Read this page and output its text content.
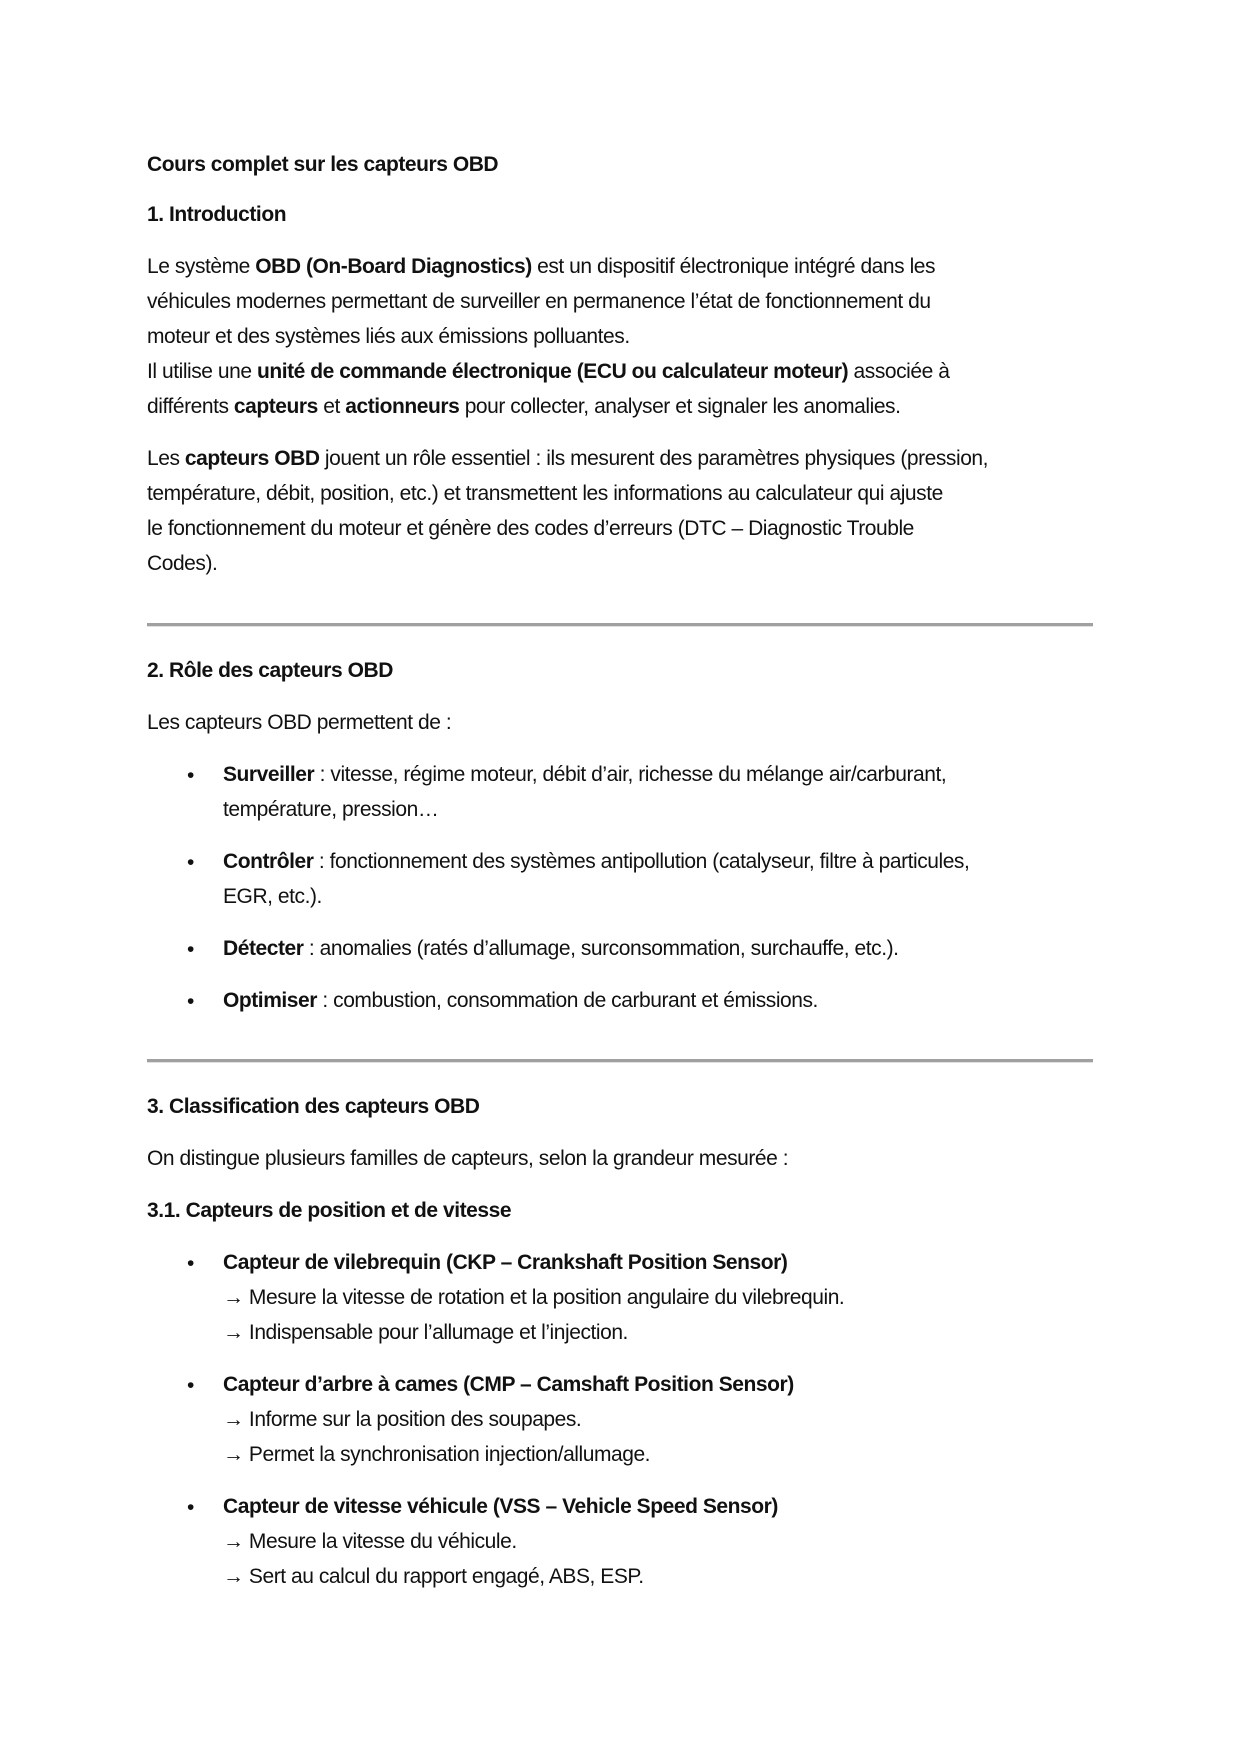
Cours complet sur les capteurs OBD
1. Introduction
Le système OBD (On-Board Diagnostics) est un dispositif électronique intégré dans les
véhicules modernes permettant de surveiller en permanence l’état de fonctionnement du
moteur et des systèmes liés aux émissions polluantes.
Il utilise une unité de commande électronique (ECU ou calculateur moteur) associée à
différents capteurs et actionneurs pour collecter, analyser et signaler les anomalies.
Les capteurs OBD jouent un rôle essentiel : ils mesurent des paramètres physiques (pression,
température, débit, position, etc.) et transmettent les informations au calculateur qui ajuste
le fonctionnement du moteur et génère des codes d’erreurs (DTC – Diagnostic Trouble
Codes).
2. Rôle des capteurs OBD
Les capteurs OBD permettent de :
• Surveiller : vitesse, régime moteur, débit d’air, richesse du mélange air/carburant,
température, pression…
• Contrôler : fonctionnement des systèmes antipollution (catalyseur, filtre à particules,
EGR, etc.).
• Détecter : anomalies (ratés d’allumage, surconsommation, surchauffe, etc.).
• Optimiser : combustion, consommation de carburant et émissions.
3. Classification des capteurs OBD
On distingue plusieurs familles de capteurs, selon la grandeur mesurée :
3.1. Capteurs de position et de vitesse
• Capteur de vilebrequin (CKP – Crankshaft Position Sensor)
→ Mesure la vitesse de rotation et la position angulaire du vilebrequin.
→ Indispensable pour l’allumage et l’injection.
• Capteur d’arbre à cames (CMP – Camshaft Position Sensor)
→ Informe sur la position des soupapes.
→ Permet la synchronisation injection/allumage.
• Capteur de vitesse véhicule (VSS – Vehicle Speed Sensor)
→ Mesure la vitesse du véhicule.
→ Sert au calcul du rapport engagé, ABS, ESP.
